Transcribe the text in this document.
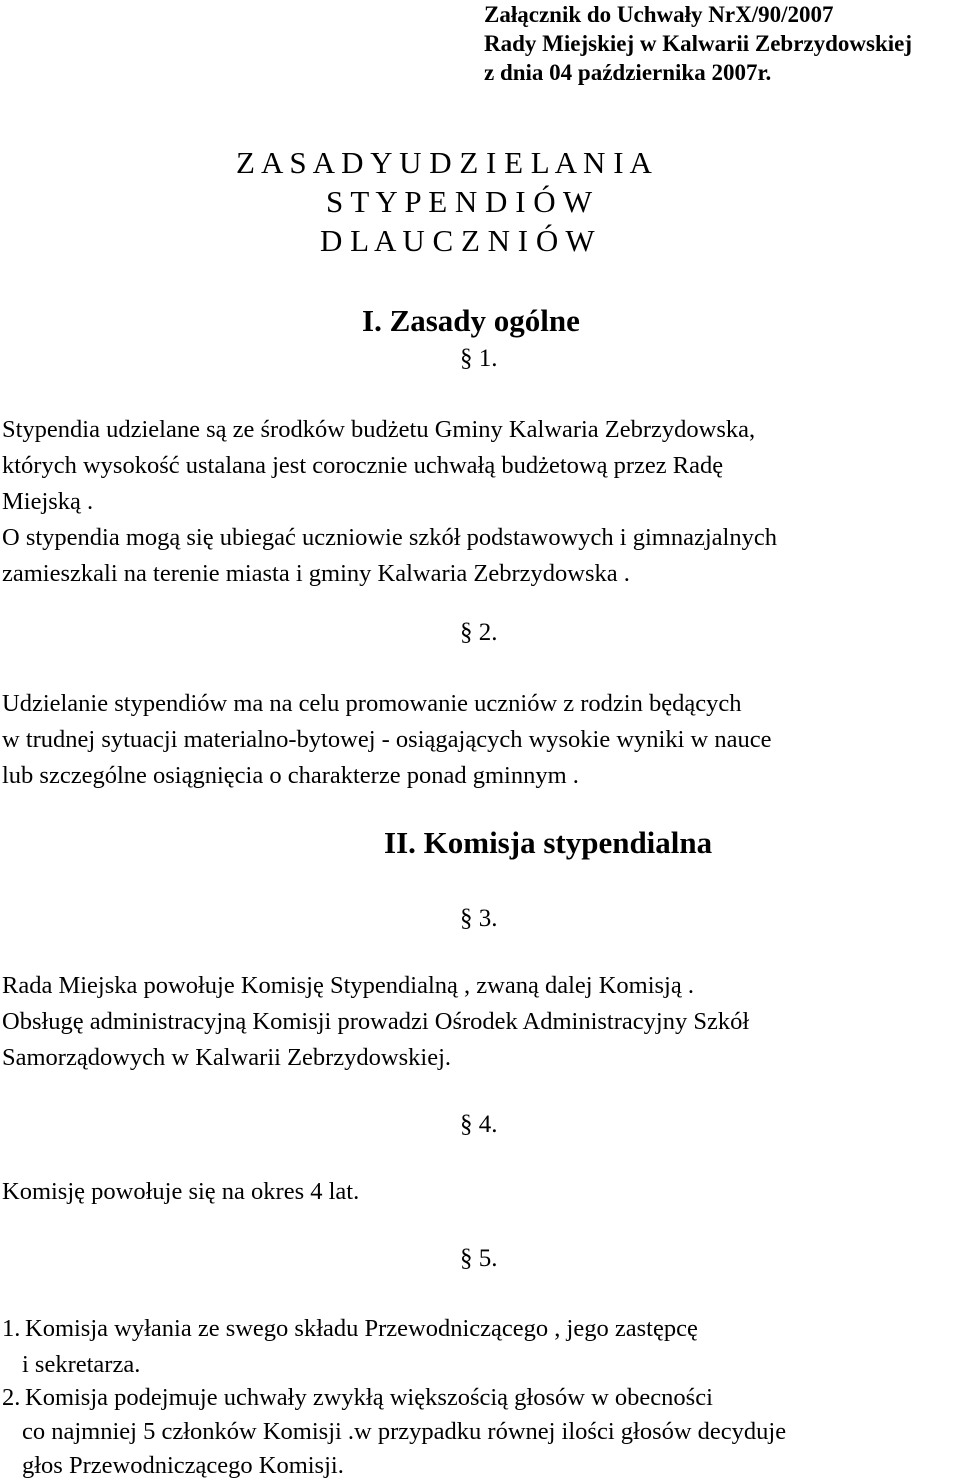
Załącznik do Uchwały NrX/90/2007
Rady Miejskiej w Kalwarii Zebrzydowskiej
z dnia 04 października 2007r.
Z A S A D Y U D Z I E L A N I A
S T Y P E N D I Ó W
D L A U C Z N I Ó W
I. Zasady ogólne
§ 1.
Stypendia udzielane są ze środków budżetu Gminy Kalwaria Zebrzydowska,
których wysokość ustalana jest corocznie uchwałą budżetową przez Radę
Miejską .
O stypendia mogą się ubiegać uczniowie szkół podstawowych i gimnazjalnych
zamieszkali na terenie miasta i gminy Kalwaria Zebrzydowska .
§ 2.
Udzielanie stypendiów ma na celu promowanie uczniów z rodzin będących
w trudnej sytuacji materialno-bytowej - osiągających wysokie wyniki w nauce
lub szczególne osiągnięcia o charakterze ponad gminnym .
II. Komisja stypendialna
§ 3.
Rada Miejska powołuje Komisję Stypendialną , zwaną dalej Komisją .
Obsługę administracyjną Komisji prowadzi Ośrodek Administracyjny Szkół
Samorządowych w Kalwarii Zebrzydowskiej.
§ 4.
Komisję powołuje się na okres 4 lat.
§ 5.
1. Komisja wyłania ze swego składu Przewodniczącego , jego zastępcę
i sekretarza.
2. Komisja podejmuje uchwały zwykłą większością głosów w obecności
co najmniej 5 członków Komisji .w przypadku równej ilości głosów decyduje
głos Przewodniczącego Komisji.
